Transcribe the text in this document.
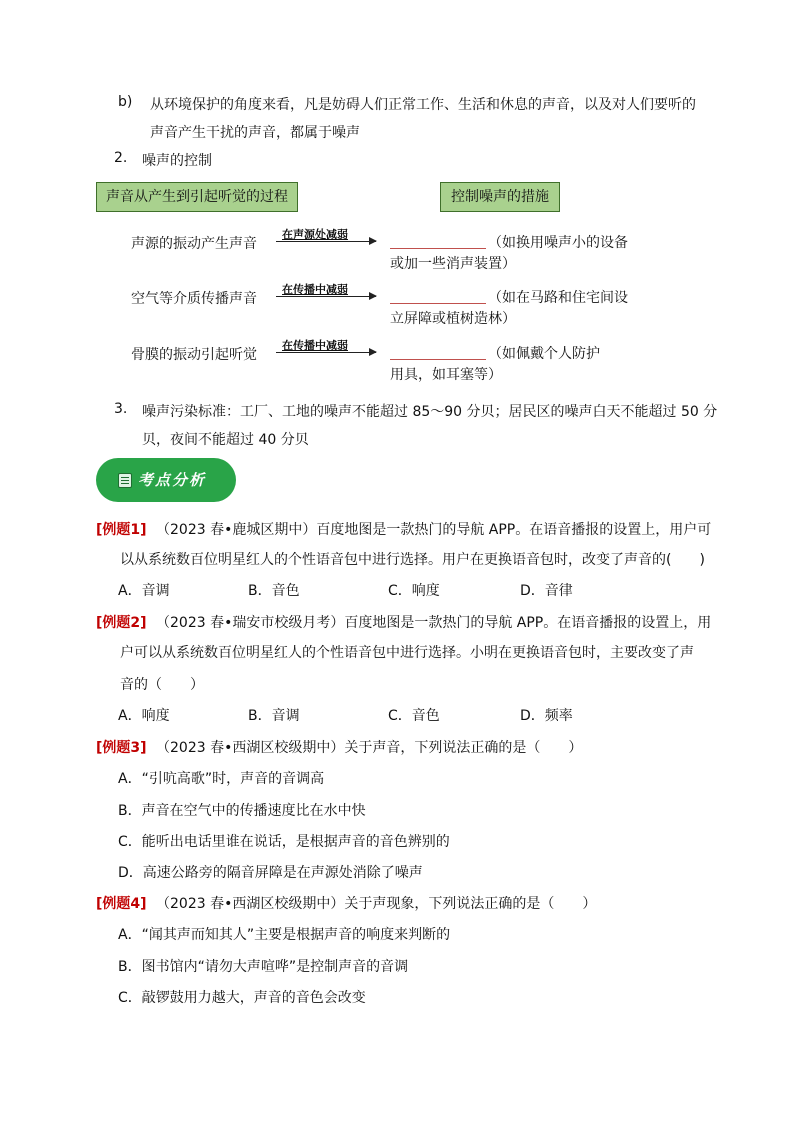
b) 从环境保护的角度来看，凡是妨碍人们正常工作、生活和休息的声音，以及对人们要听的
声音产生干扰的声音，都属于噪声
2. 噪声的控制
声音从产生到引起听觉的过程	控制噪声的措施
声源的振动产生声音
在声源处减弱
（如换用噪声小的设备
或加一些消声装置）
空气等介质传播声音
在传播中减弱
（如在马路和住宅间设
立屏障或植树造林）
骨膜的振动引起听觉
在传播中减弱
（如佩戴个人防护
用具，如耳塞等）
3. 噪声污染标准：工厂、工地的噪声不能超过 85～90 分贝；居民区的噪声白天不能超过 50 分
贝，夜间不能超过 40 分贝
考点分析
[例题1] （2023 春•鹿城区期中）百度地图是一款热门的导航 APP。在语音播报的设置上，用户可
以从系统数百位明星红人的个性语音包中进行选择。用户在更换语音包时，改变了声音的(　　)
A．音调	B．音色	C．响度	D．音律
[例题2] （2023 春•瑞安市校级月考）百度地图是一款热门的导航 APP。在语音播报的设置上，用
户可以从系统数百位明星红人的个性语音包中进行选择。小明在更换语音包时，主要改变了声
音的（　　）
A．响度	B．音调	C．音色	D．频率
[例题3] （2023 春•西湖区校级期中）关于声音，下列说法正确的是（　　）
A．“引吭高歌”时，声音的音调高
B．声音在空气中的传播速度比在水中快
C．能听出电话里谁在说话，是根据声音的音色辨别的
D．高速公路旁的隔音屏障是在声源处消除了噪声
[例题4] （2023 春•西湖区校级期中）关于声现象，下列说法正确的是（　　）
A．“闻其声而知其人”主要是根据声音的响度来判断的
B．图书馆内“请勿大声喧哗”是控制声音的音调
C．敲锣鼓用力越大，声音的音色会改变
